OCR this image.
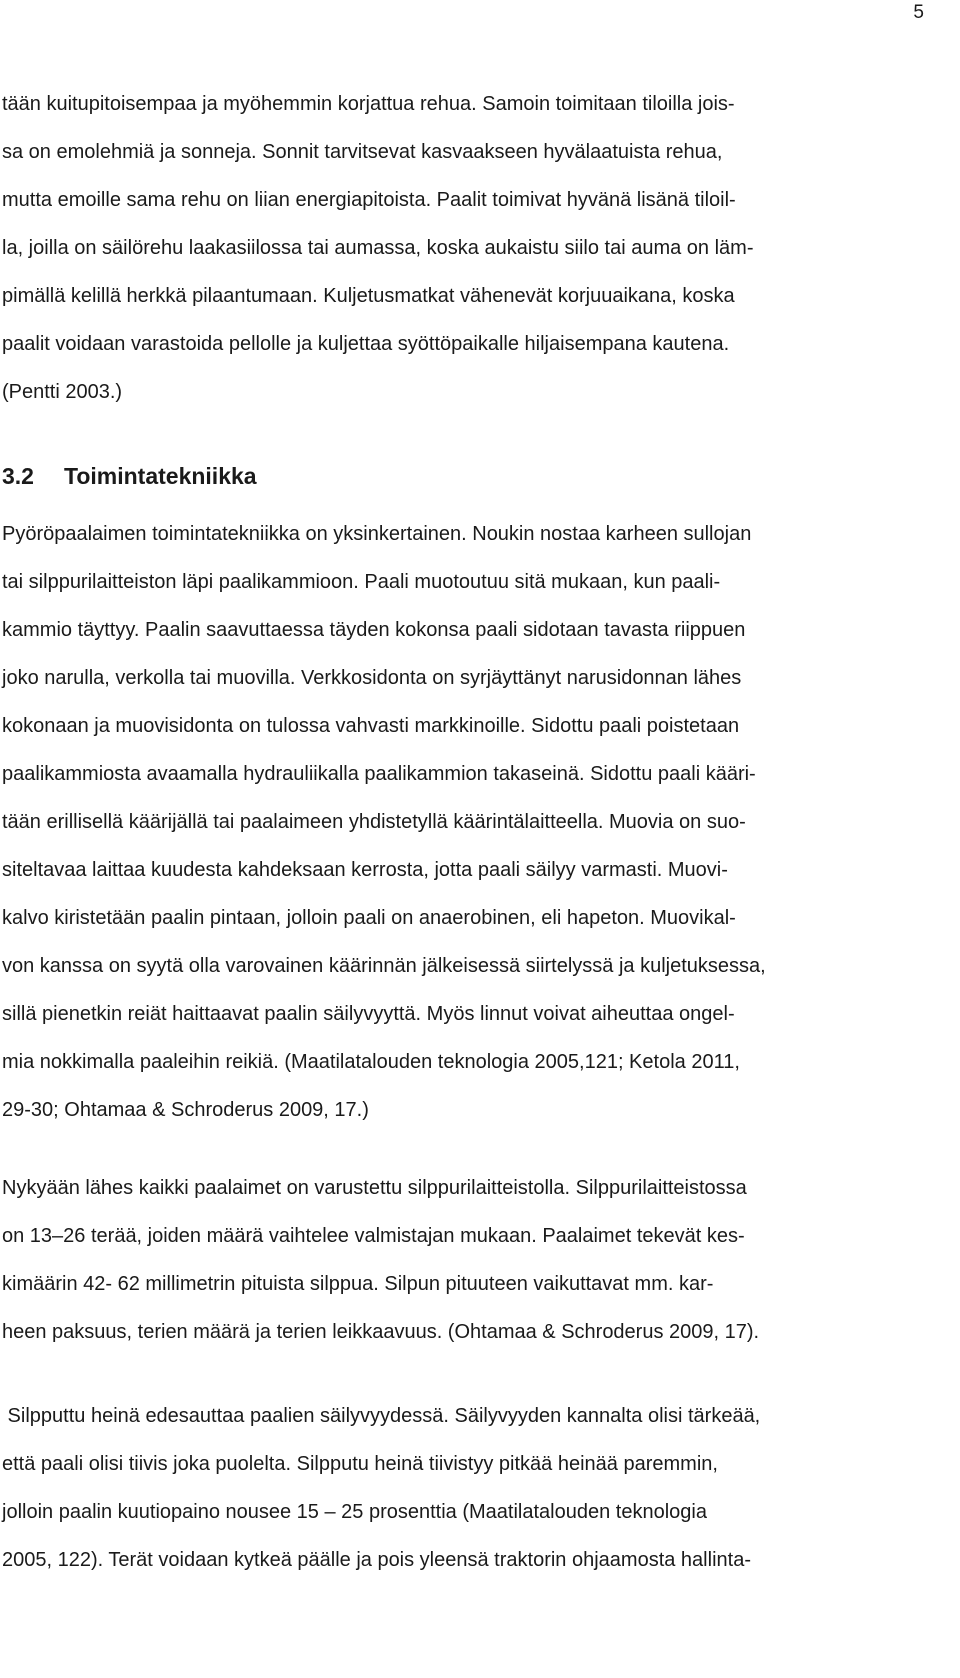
5
tään kuitupitoisempaa ja myöhemmin korjattua rehua. Samoin toimitaan tiloilla jois-
sa on emolehmiä ja sonneja. Sonnit tarvitsevat kasvaakseen hyvälaatuista rehua,
mutta emoille sama rehu on liian energiapitoista. Paalit toimivat hyvänä lisänä tiloil-
la, joilla on säilörehu laakasiilossa tai aumassa, koska aukaistu siilo tai auma on läm-
pimällä kelillä herkkä pilaantumaan. Kuljetusmatkat vähenevät korjuuaikana, koska
paalit voidaan varastoida pellolle ja kuljettaa syöttöpaikalle hiljaisempana kautena.
(Pentti 2003.)
3.2 Toimintatekniikka
Pyöröpaalaimen toimintatekniikka on yksinkertainen. Noukin nostaa karheen sullojan
tai silppurilaitteiston läpi paalikammioon. Paali muotoutuu sitä mukaan, kun paali-
kammio täyttyy. Paalin saavuttaessa täyden kokonsa paali sidotaan tavasta riippuen
joko narulla, verkolla tai muovilla. Verkkosidonta on syrjäyttänyt narusidonnan lähes
kokonaan ja muovisidonta on tulossa vahvasti markkinoille. Sidottu paali poistetaan
paalikammiosta avaamalla hydrauliikalla paalikammion takaseinä. Sidottu paali kääri-
tään erillisellä käärijällä tai paalaimeen yhdistetyllä käärintälaitteella. Muovia on suo-
siteltavaa laittaa kuudesta kahdeksaan kerrosta, jotta paali säilyy varmasti. Muovi-
kalvo kiristetään paalin pintaan, jolloin paali on anaerobinen, eli hapeton. Muovikal-
von kanssa on syytä olla varovainen käärinnän jälkeisessä siirtelyssä ja kuljetuksessa,
sillä pienetkin reiät haittaavat paalin säilyvyyttä. Myös linnut voivat aiheuttaa ongel-
mia nokkimalla paaleihin reikiä. (Maatilatalouden teknologia 2005,121; Ketola 2011,
29-30; Ohtamaa & Schroderus 2009, 17.)
Nykyään lähes kaikki paalaimet on varustettu silppurilaitteistolla. Silppurilaitteistossa
on 13–26 terää, joiden määrä vaihtelee valmistajan mukaan. Paalaimet tekevät kes-
kimäärin 42- 62 millimetrin pituista silppua. Silpun pituuteen vaikuttavat mm. kar-
heen paksuus, terien määrä ja terien leikkaavuus. (Ohtamaa & Schroderus 2009, 17).
Silpputtu heinä edesauttaa paalien säilyvyydessä. Säilyvyyden kannalta olisi tärkeää,
että paali olisi tiivis joka puolelta. Silpputu heinä tiivistyy pitkää heinää paremmin,
jolloin paalin kuutiopaino nousee 15 – 25 prosenttia (Maatilatalouden teknologia
2005, 122). Terät voidaan kytkeä päälle ja pois yleensä traktorin ohjaamosta hallinta-
